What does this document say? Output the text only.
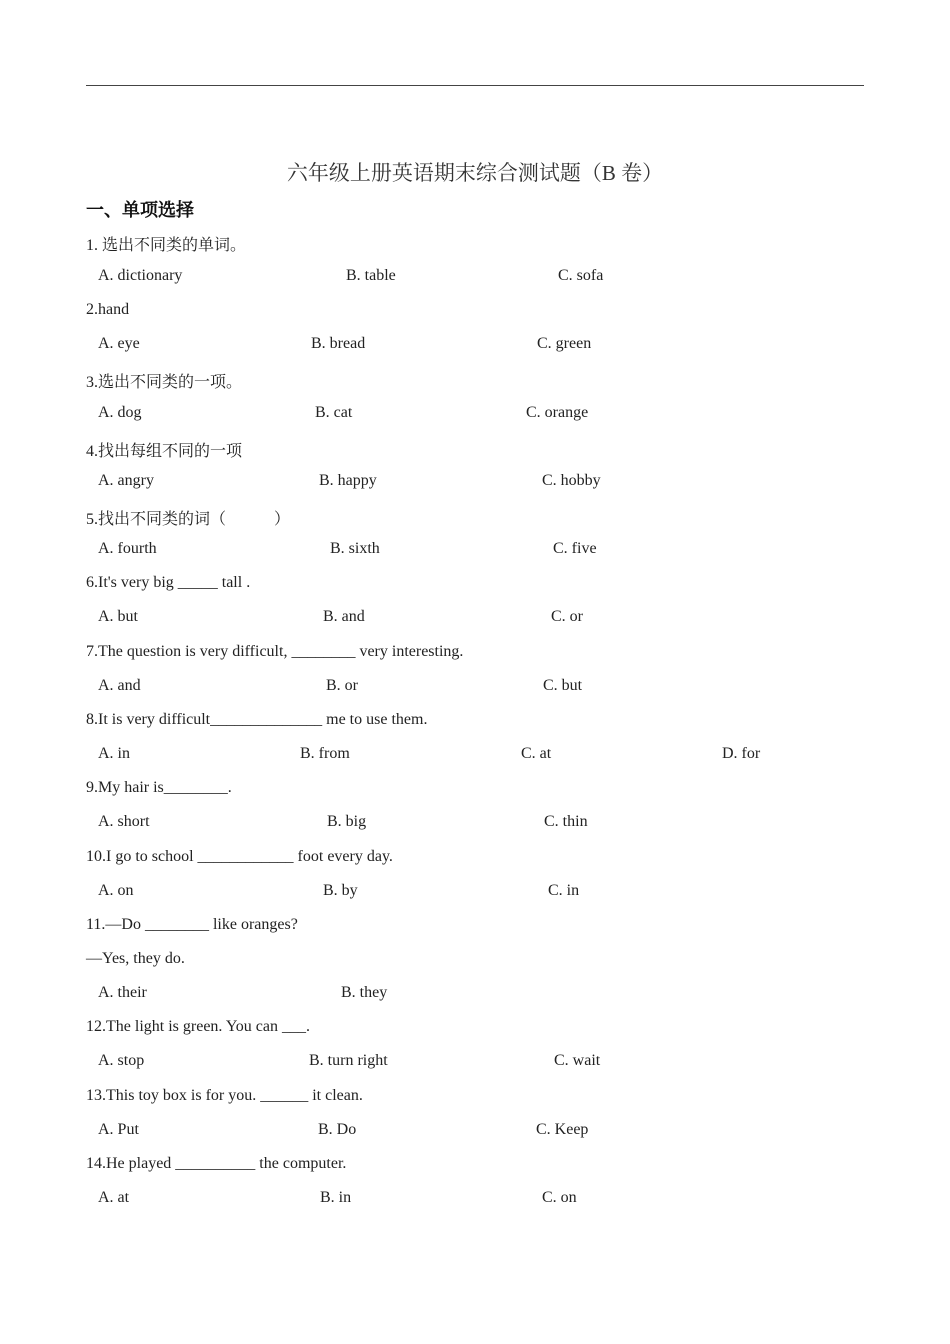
六年级上册英语期末综合测试题（B 卷）
一、单项选择
1. 选出不同类的单词。
A. dictionary	B. table	C. sofa
2.hand
A. eye	B. bread	C. green
3.选出不同类的一项。
A. dog	B. cat	C. orange
4.找出每组不同的一项
A. angry	B. happy	C. hobby
5.找出不同类的词（　　　）
A. fourth	B. sixth	C. five
6.It's very big _____ tall .
A. but	B. and	C. or
7.The question is very difficult, ________ very interesting.
A. and	B. or	C. but
8.It is very difficult______________ me to use them.
A. in	B. from	C. at	D. for
9.My hair is________.
A. short	B. big	C. thin
10.I go to school ____________ foot every day.
A. on	B. by	C. in
11.—Do ________ like oranges?
—Yes, they do.
A. their	B. they
12.The light is green. You can ___.
A. stop	B. turn right	C. wait
13.This toy box is for you. ______ it clean.
A. Put	B. Do	C. Keep
14.He played __________ the computer.
A. at	B. in	C. on
